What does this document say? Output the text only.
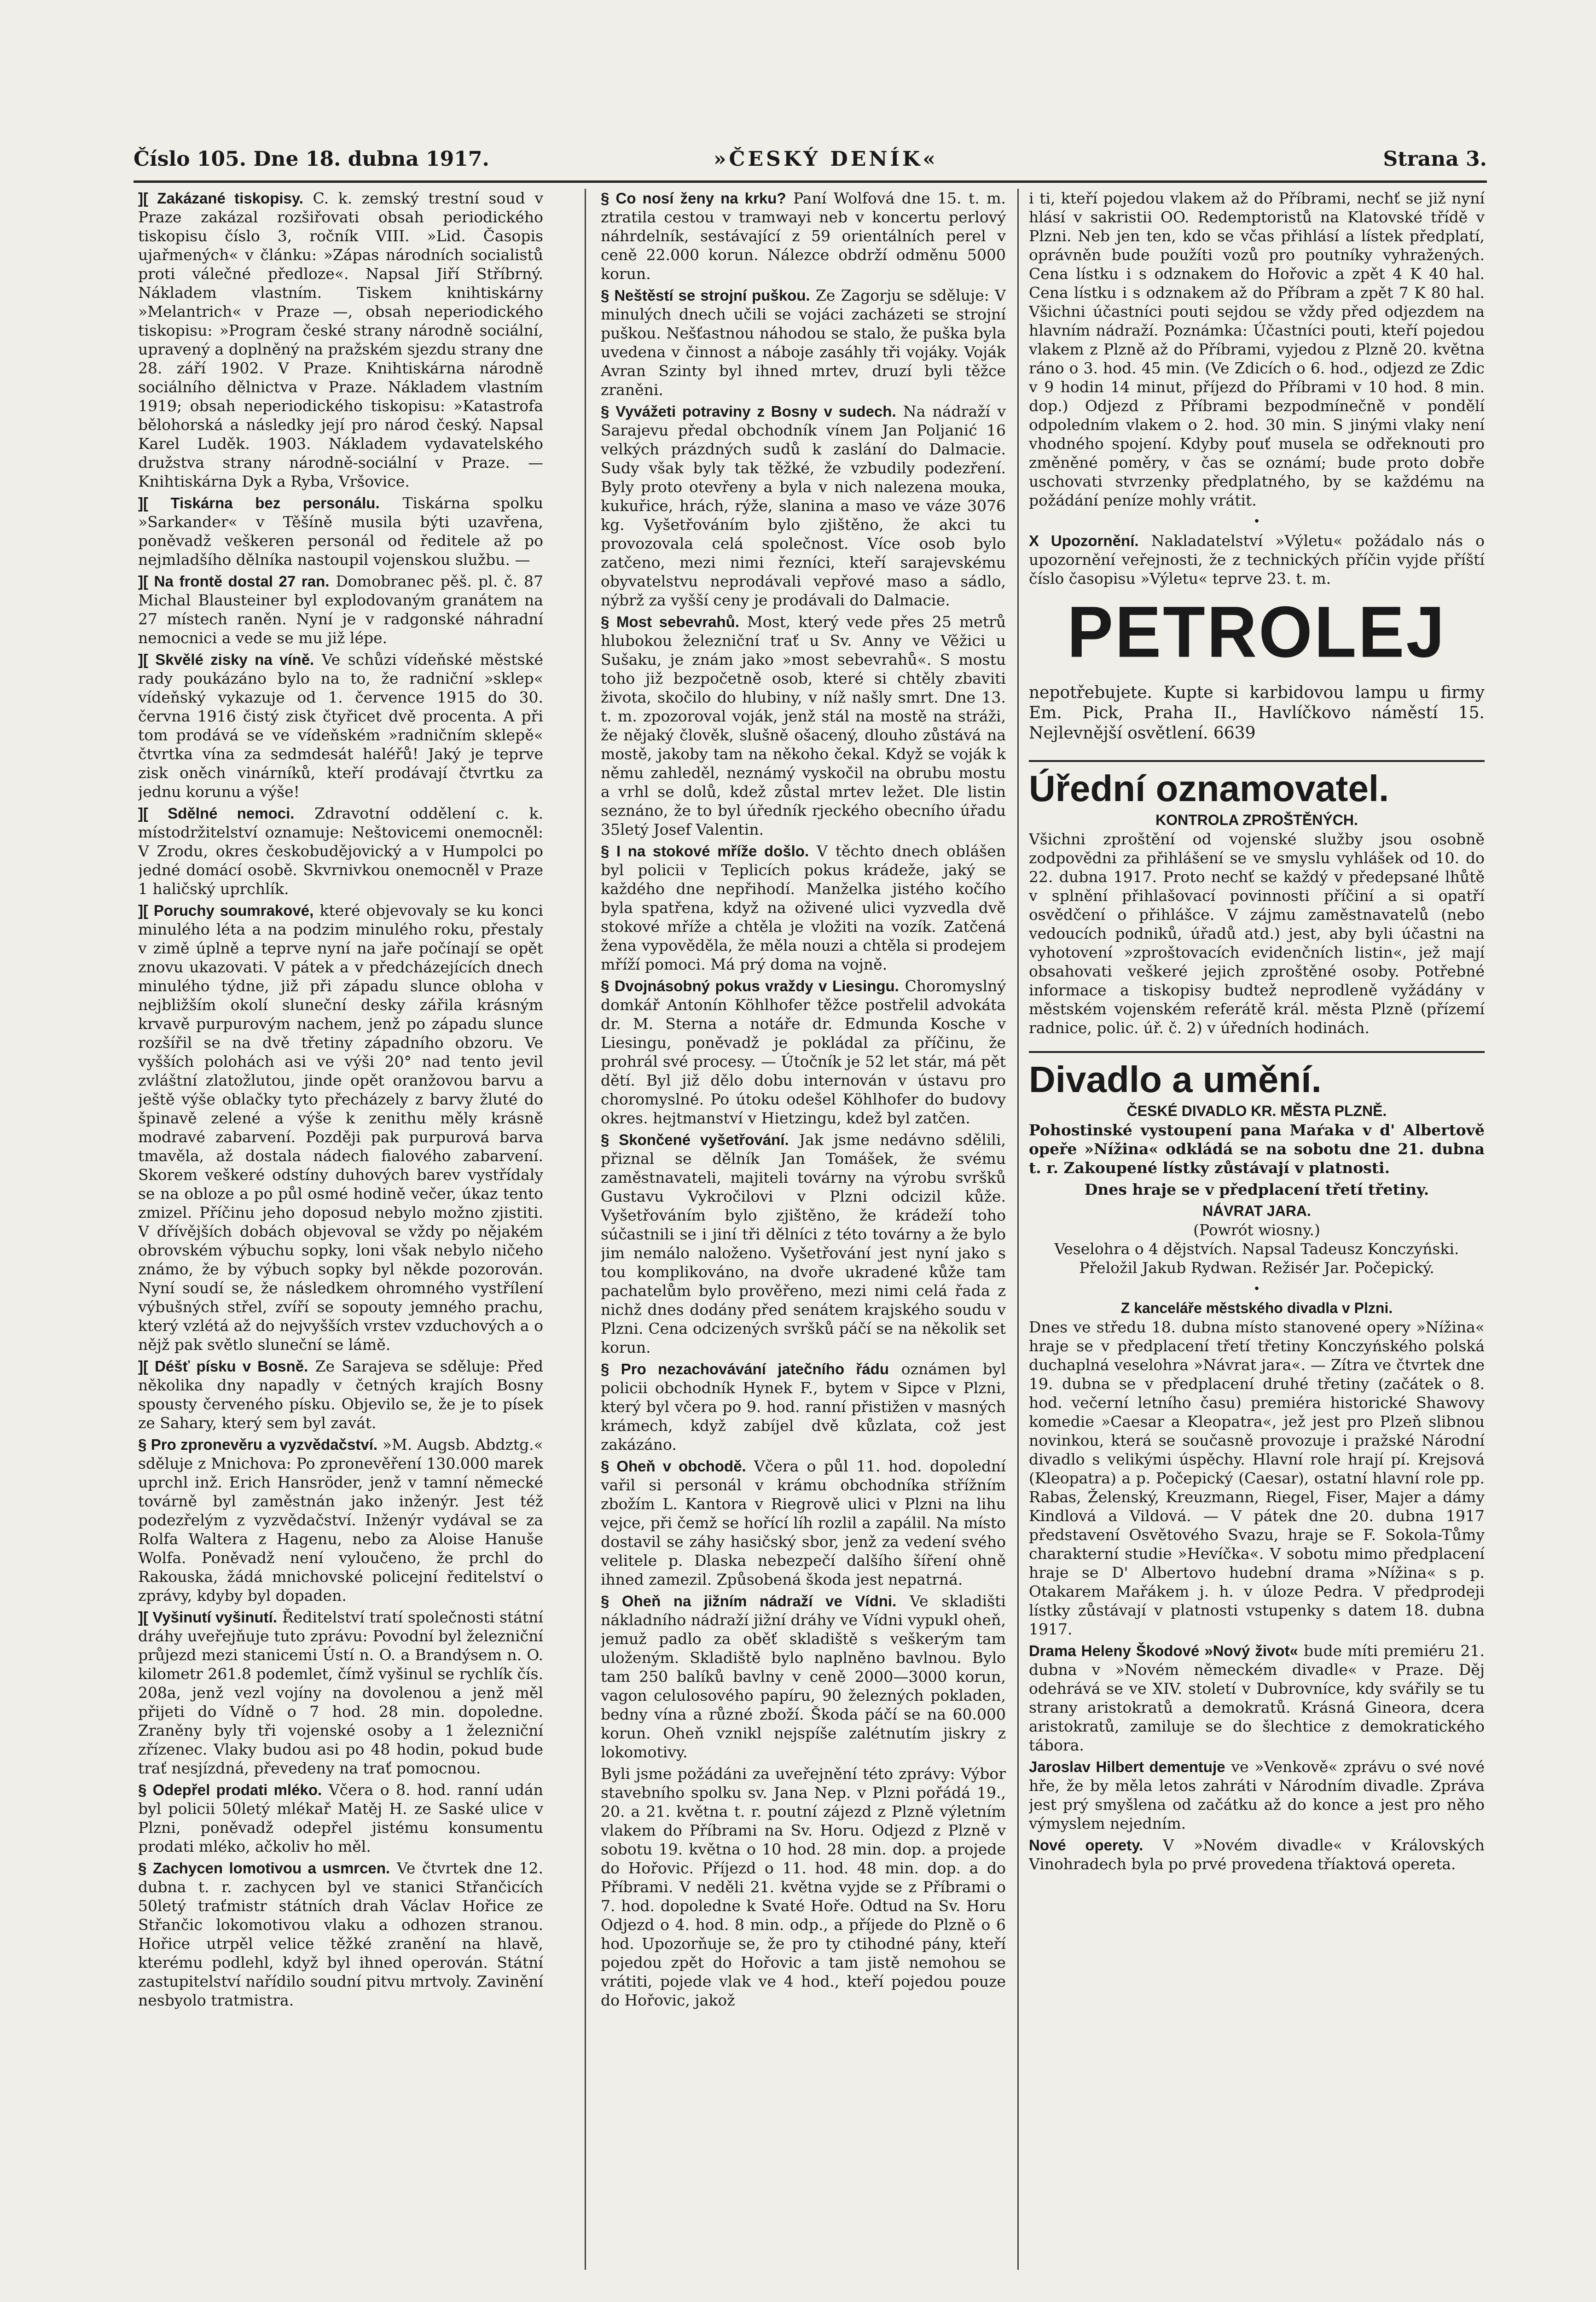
Číslo 105. Dne 18. dubna 1917.	»ČESKÝ DENÍK«	Strana 3.

][ Zakázané tiskopisy. C. k. zemský trestní soud v Praze zakázal rozšiřovati obsah periodického tiskopisu číslo 3, ročník VIII. »Lid. Časopis ujařmených« v článku: »Zápas národních socialistů proti válečné předloze«. Napsal Jiří Stříbrný. Nákladem vlastním. Tiskem knihtiskárny »Melantrich« v Praze —, obsah neperiodického tiskopisu: »Program české strany národně sociální, upravený a doplněný na pražském sjezdu strany dne 28. září 1902. V Praze. Knihtiskárna národně sociálního dělnictva v Praze. Nákladem vlastním 1919; obsah neperiodického tiskopisu: »Katastrofa bělohorská a následky její pro národ český. Napsal Karel Luděk. 1903. Nákladem vydavatelského družstva strany národně-sociální v Praze. — Knihtiskárna Dyk a Ryba, Vršovice.

][ Tiskárna bez personálu. Tiskárna spolku »Sarkander« v Těšíně musila býti uzavřena, poněvadž veškeren personál od ředitele až po nejmladšího dělníka nastoupil vojenskou službu. —

][ Na frontě dostal 27 ran. Domobranec pěš. pl. č. 87 Michal Blausteiner byl explodovaným granátem na 27 místech raněn. Nyní je v radgonské náhradní nemocnici a vede se mu již lépe.

][ Skvělé zisky na víně. Ve schůzi vídeňské městské rady poukázáno bylo na to, že radniční »sklep« vídeňský vykazuje od 1. července 1915 do 30. června 1916 čistý zisk čtyřicet dvě procenta. A při tom prodává se ve vídeňském »radničním sklepě« čtvrtka vína za sedmdesát haléřů! Jaký je teprve zisk oněch vinárníků, kteří prodávají čtvrtku za jednu korunu a výše!

][ Sdělné nemoci. Zdravotní oddělení c. k. místodržitelství oznamuje: Neštovicemi onemocněl: V Zrodu, okres českobudějovický a v Humpolci po jedné domácí osobě. Skvrnivkou onemocněl v Praze 1 haličský uprchlík.

][ Poruchy soumrakové, které objevovaly se ku konci minulého léta a na podzim minulého roku, přestaly v zimě úplně a teprve nyní na jaře počínají se opět znovu ukazovati. V pátek a v předcházejících dnech minulého týdne, již při západu slunce obloha v nejbližším okolí sluneční desky zářila krásným krvavě purpurovým nachem, jenž po západu slunce rozšířil se na dvě třetiny západního obzoru. Ve vyšších polohách asi ve výši 20° nad tento jevil zvláštní zlatožlutou, jinde opět oranžovou barvu a ještě výše oblačky tyto přecházely z barvy žluté do špinavě zelené a výše k zenithu měly krásně modravé zabarvení. Později pak purpurová barva tmavěla, až dostala nádech fialového zabarvení. Skorem veškeré odstíny duhových barev vystřídaly se na obloze a po půl osmé hodině večer, úkaz tento zmizel. Příčinu jeho doposud nebylo možno zjistiti. V dřívějších dobách objevoval se vždy po nějakém obrovském výbuchu sopky, loni však nebylo ničeho známo, že by výbuch sopky byl někde pozorován. Nyní soudí se, že následkem ohromného vystřílení výbušných střel, zvíří se sopouty jemného prachu, který vzlétá až do nejvyšších vrstev vzduchových a o nějž pak světlo sluneční se lámě.

][ Déšť písku v Bosně. Ze Sarajeva se sděluje: Před několika dny napadly v četných krajích Bosny spousty červeného písku. Objevilo se, že je to písek ze Sahary, který sem byl zavát.

§ Pro zpronevěru a vyzvědačství. »M. Augsb. Abdztg.« sděluje z Mnichova: Po zpronevěření 130.000 marek uprchl inž. Erich Hansröder, jenž v tamní německé továrně byl zaměstnán jako inženýr. Jest též podezřelým z vyzvědačství. Inženýr vydával se za Rolfa Waltera z Hagenu, nebo za Aloise Hanuše Wolfa. Poněvadž není vyloučeno, že prchl do Rakouska, žádá mnichovské policejní ředitelství o zprávy, kdyby byl dopaden.

][ Vyšinutí vyšinutí. Ředitelství tratí společnosti státní dráhy uveřejňuje tuto zprávu: Povodní byl železniční průjezd mezi stanicemi Ústí n. O. a Brandýsem n. O. kilometr 261.8 podemlet, čímž vyšinul se rychlík čís. 208a, jenž vezl vojíny na dovolenou a jenž měl přijeti do Vídně o 7 hod. 28 min. dopoledne. Zraněny byly tři vojenské osoby a 1 železniční zřízenec. Vlaky budou asi po 48 hodin, pokud bude trať nesjízdná, převedeny na trať pomocnou.

§ Odepřel prodati mléko. Včera o 8. hod. ranní udán byl policii 50letý mlékař Matěj H. ze Saské ulice v Plzni, poněvadž odepřel jistému konsumentu prodati mléko, ačkoliv ho měl.

§ Zachycen lomotivou a usmrcen. Ve čtvrtek dne 12. dubna t. r. zachycen byl ve stanici Střančicích 50letý traťmistr státních drah Václav Hořice ze Střančic lokomotivou vlaku a odhozen stranou. Hořice utrpěl velice těžké zranění na hlavě, kterému podlehl, když byl ihned operován. Státní zastupitelství nařídilo soudní pitvu mrtvoly. Zavinění nesbyolo tratmistra.

§ Co nosí ženy na krku? Paní Wolfová dne 15. t. m. ztratila cestou v tramwayi neb v koncertu perlový náhrdelník, sestávající z 59 orientálních perel v ceně 22.000 korun. Nálezce obdrží odměnu 5000 korun.

§ Neštěstí se strojní puškou. Ze Zagorju se sděluje: V minulých dnech učili se vojáci zacházeti se strojní puškou. Nešťastnou náhodou se stalo, že puška byla uvedena v činnost a náboje zasáhly tři vojáky. Voják Avran Szinty byl ihned mrtev, druzí byli těžce zraněni.

§ Vyvážeti potraviny z Bosny v sudech. Na nádraží v Sarajevu předal obchodník vínem Jan Poljanić 16 velkých prázdných sudů k zaslání do Dalmacie. Sudy však byly tak těžké, že vzbudily podezření. Byly proto otevřeny a byla v nich nalezena mouka, kukuřice, hrách, rýže, slanina a maso ve váze 3076 kg. Vyšetřováním bylo zjištěno, že akci tu provozovala celá společnost. Více osob bylo zatčeno, mezi nimi řezníci, kteří sarajevskému obyvatelstvu neprodávali vepřové maso a sádlo, nýbrž za vyšší ceny je prodávali do Dalmacie.

§ Most sebevrahů. Most, který vede přes 25 metrů hlubokou železniční trať u Sv. Anny ve Věžici u Sušaku, je znám jako »most sebevrahů«. S mostu toho již bezpočetně osob, které si chtěly zbaviti života, skočilo do hlubiny, v níž našly smrt. Dne 13. t. m. zpozoroval voják, jenž stál na mostě na stráži, že nějaký člověk, slušně ošacený, dlouho zůstává na mostě, jakoby tam na někoho čekal. Když se voják k němu zahleděl, neznámý vyskočil na obrubu mostu a vrhl se dolů, kdež zůstal mrtev ležet. Dle listin seznáno, že to byl úředník rjeckého obecního úřadu 35letý Josef Valentin.

§ I na stokové mříže došlo. V těchto dnech oblášen byl policii v Teplicích pokus krádeže, jaký se každého dne nepřihodí. Manželka jistého kočího byla spatřena, když na oživené ulici vyzvedla dvě stokové mříže a chtěla je vložiti na vozík. Zatčená žena vypověděla, že měla nouzi a chtěla si prodejem mříží pomoci. Má prý doma na vojně.

§ Dvojnásobný pokus vraždy v Liesingu. Choromyslný domkář Antonín Köhlhofer těžce postřelil advokáta dr. M. Sterna a notáře dr. Edmunda Kosche v Liesingu, poněvadž je pokládal za příčinu, že prohrál své procesy. — Útočník je 52 let stár, má pět dětí. Byl již dělo dobu internován v ústavu pro choromyslné. Po útoku odešel Köhlhofer do budovy okres. hejtmanství v Hietzingu, kdež byl zatčen.

§ Skončené vyšetřování. Jak jsme nedávno sdělili, přiznal se dělník Jan Tomášek, že svému zaměstnavateli, majiteli továrny na výrobu svršků Gustavu Vykročilovi v Plzni odcizil kůže. Vyšetřováním bylo zjištěno, že krádeží toho súčastnili se i jiní tři dělníci z této továrny a že bylo jim nemálo naloženo. Vyšetřování jest nyní jako s tou komplikováno, na dvoře ukradené kůže tam pachatelům bylo prověřeno, mezi nimi celá řada z nichž dnes dodány před senátem krajského soudu v Plzni. Cena odcizených svršků páčí se na několik set korun.

§ Pro nezachovávání jatečního řádu oznámen byl policii obchodník Hynek F., bytem v Sipce v Plzni, který byl včera po 9. hod. ranní přistižen v masných krámech, když zabíjel dvě kůzlata, což jest zakázáno.

§ Oheň v obchodě. Včera o půl 11. hod. dopolední vařil si personál v krámu obchodníka střížním zbožím L. Kantora v Riegrově ulici v Plzni na lihu vejce, při čemž se hořící líh rozlil a zapálil. Na místo dostavil se záhy hasičský sbor, jenž za vedení svého velitele p. Dlaska nebezpečí dalšího šíření ohně ihned zamezil. Způsobená škoda jest nepatrná.

§ Oheň na jižním nádraží ve Vídni. Ve skladišti nákladního nádraží jižní dráhy ve Vídni vypukl oheň, jemuž padlo za oběť skladiště s veškerým tam uloženým. Skladiště bylo naplněno bavlnou. Bylo tam 250 balíků bavlny v ceně 2000—3000 korun, vagon celulosového papíru, 90 železných pokladen, bedny vína a různé zboží. Škoda páčí se na 60.000 korun. Oheň vznikl nejspíše zalétnutím jiskry z lokomotivy.

Byli jsme požádáni za uveřejnění této zprávy: Výbor stavebního spolku sv. Jana Nep. v Plzni pořádá 19., 20. a 21. května t. r. poutní zájezd z Plzně výletním vlakem do Příbrami na Sv. Horu. Odjezd z Plzně v sobotu 19. května o 10 hod. 28 min. dop. a projede do Hořovic. Příjezd o 11. hod. 48 min. dop. a do Příbrami. V neděli 21. května vyjde se z Příbrami o 7. hod. dopoledne k Svaté Hoře. Odtud na Sv. Horu Odjezd o 4. hod. 8 min. odp., a příjede do Plzně o 6 hod. Upozorňuje se, že pro ty ctihodné pány, kteří pojedou zpět do Hořovic a tam jistě nemohou se vrátiti, pojede vlak ve 4 hod., kteří pojedou pouze do Hořovic, jakož

i ti, kteří pojedou vlakem až do Příbrami, nechť se již nyní hlásí v sakristii OO. Redemptoristů na Klatovské třídě v Plzni. Neb jen ten, kdo se včas přihlásí a lístek předplatí, oprávněn bude použíti vozů pro poutníky vyhražených. Cena lístku i s odznakem do Hořovic a zpět 4 K 40 hal. Cena lístku i s odznakem až do Příbram a zpět 7 K 80 hal. Všichni účastníci pouti sejdou se vždy před odjezdem na hlavním nádraží. Poznámka: Účastníci pouti, kteří pojedou vlakem z Plzně až do Příbrami, vyjedou z Plzně 20. května ráno o 3. hod. 45 min. (Ve Zdicích o 6. hod., odjezd ze Zdic v 9 hodin 14 minut, příjezd do Příbrami v 10 hod. 8 min. dop.) Odjezd z Příbrami bezpodmínečně v pondělí odpoledním vlakem o 2. hod. 30 min. S jinými vlaky není vhodného spojení. Kdyby pouť musela se odřeknouti pro změněné poměry, v čas se oznámí; bude proto dobře uschovati stvrzenky předplatného, by se každému na požádání peníze mohly vrátit.

•

X Upozornění. Nakladatelství »Výletu« požádalo nás o upozornění veřejnosti, že z technických příčin vyjde příští číslo časopisu »Výletu« teprve 23. t. m.

PETROLEJ

nepotřebujete. Kupte si karbidovou lampu u firmy Em. Pick, Praha II., Havlíčkovo náměstí 15. Nejlevnější osvětlení. 6639

Úřední oznamovatel.
KONTROLA ZPROŠTĚNÝCH.

Všichni zproštění od vojenské služby jsou osobně zodpovědni za přihlášení se ve smyslu vyhlášek od 10. do 22. dubna 1917. Proto nechť se každý v předepsané lhůtě v splnění přihlašovací povinnosti příčiní a si opatří osvědčení o přihlášce. V zájmu zaměstnavatelů (nebo vedoucích podniků, úřadů atd.) jest, aby byli účastni na vyhotovení »zproštovacích evidenčních listin«, jež mají obsahovati veškeré jejich zproštěné osoby. Potřebné informace a tiskopisy budtež neprodleně vyžádány v městském vojenském referátě král. města Plzně (přízemí radnice, polic. úř. č. 2) v úředních hodinách.

Divadlo a umění.
ČESKÉ DIVADLO KR. MĚSTA PLZNĚ.

Pohostinské vystoupení pana Maŕaka v d' Albertově opeře »Nížina« odkládá se na sobotu dne 21. dubna t. r. Zakoupené lístky zůstávají v platnosti.

Dnes hraje se v předplacení třetí třetiny.

NÁVRAT JARA.
(Powrót wiosny.)

Veselohra o 4 dějstvích. Napsal Tadeusz Konczyński. Přeložil Jakub Rydwan. Režisér Jar. Počepický.

•
Z kanceláře městského divadla v Plzni.

Dnes ve středu 18. dubna místo stanovené opery »Nížina« hraje se v předplacení třetí třetiny Konczyńského polská duchaplná veselohra »Návrat jara«. — Zítra ve čtvrtek dne 19. dubna se v předplacení druhé třetiny (začátek o 8. hod. večerní letního času) premiéra historické Shawovy komedie »Caesar a Kleopatra«, jež jest pro Plzeň slibnou novinkou, která se současně provozuje i pražské Národní divadlo s velikými úspěchy. Hlavní role hrají pí. Krejsová (Kleopatra) a p. Počepický (Caesar), ostatní hlavní role pp. Rabas, Želenský, Kreuzmann, Riegel, Fiser, Majer a dámy Kindlová a Vildová. — V pátek dne 20. dubna 1917 představení Osvětového Svazu, hraje se F. Sokola-Tůmy charakterní studie »Hevíčka«. V sobotu mimo předplacení hraje se D' Albertovo hudební drama »Nížina« s p. Otakarem Mařákem j. h. v úloze Pedra. V předprodeji lístky zůstávají v platnosti vstupenky s datem 18. dubna 1917.

Drama Heleny Škodové »Nový život« bude míti premiéru 21. dubna v »Novém německém divadle« v Praze. Děj odehrává se ve XIV. století v Dubrovníce, kdy svářily se tu strany aristokratů a demokratů. Krásná Gineora, dcera aristokratů, zamiluje se do šlechtice z demokratického tábora.

Jaroslav Hilbert dementuje ve »Venkově« zprávu o své nové hře, že by měla letos zahráti v Národním divadle. Zpráva jest prý smyšlena od začátku až do konce a jest pro něho výmyslem nejedním.

Nové operety. V »Novém divadle« v Královských Vinohradech byla po prvé provedena tříaktová opereta.
